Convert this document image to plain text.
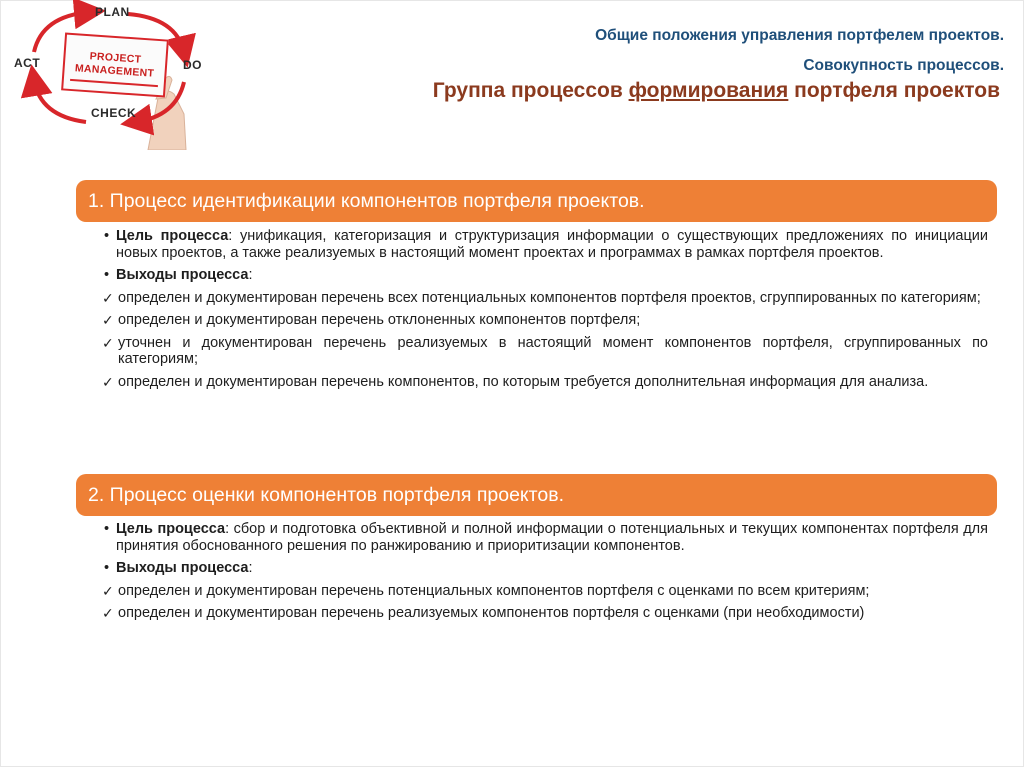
PLAN
ACT	DO
CHECK
PROJECT
MANAGEMENT
Общие положения управления портфелем проектов.
Совокупность процессов.
Группа процессов формирования портфеля проектов
1. Процесс идентификации компонентов портфеля проектов.

• Цель процесса: унификация, категоризация и структуризация информации о существующих предложениях по инициации новых проектов, а также реализуемых в настоящий момент проектах и программах в рамках портфеля проектов.

• Выходы процесса:

✓ определен и документирован перечень всех потенциальных компонентов портфеля проектов, сгруппированных по категориям;

✓ определен и документирован перечень отклоненных компонентов портфеля;

✓ уточнен и документирован перечень реализуемых в настоящий момент компонентов портфеля, сгруппированных по категориям;

✓ определен и документирован перечень компонентов, по которым требуется дополнительная информация для анализа.

2. Процесс оценки компонентов портфеля проектов.

• Цель процесса: сбор и подготовка объективной и полной информации о потенциальных и текущих компонентах портфеля для принятия обоснованного решения по ранжированию и приоритизации компонентов.

• Выходы процесса:

✓ определен и документирован перечень потенциальных компонентов портфеля с оценками по всем критериям;

✓ определен и документирован перечень реализуемых компонентов портфеля с оценками (при необходимости)
